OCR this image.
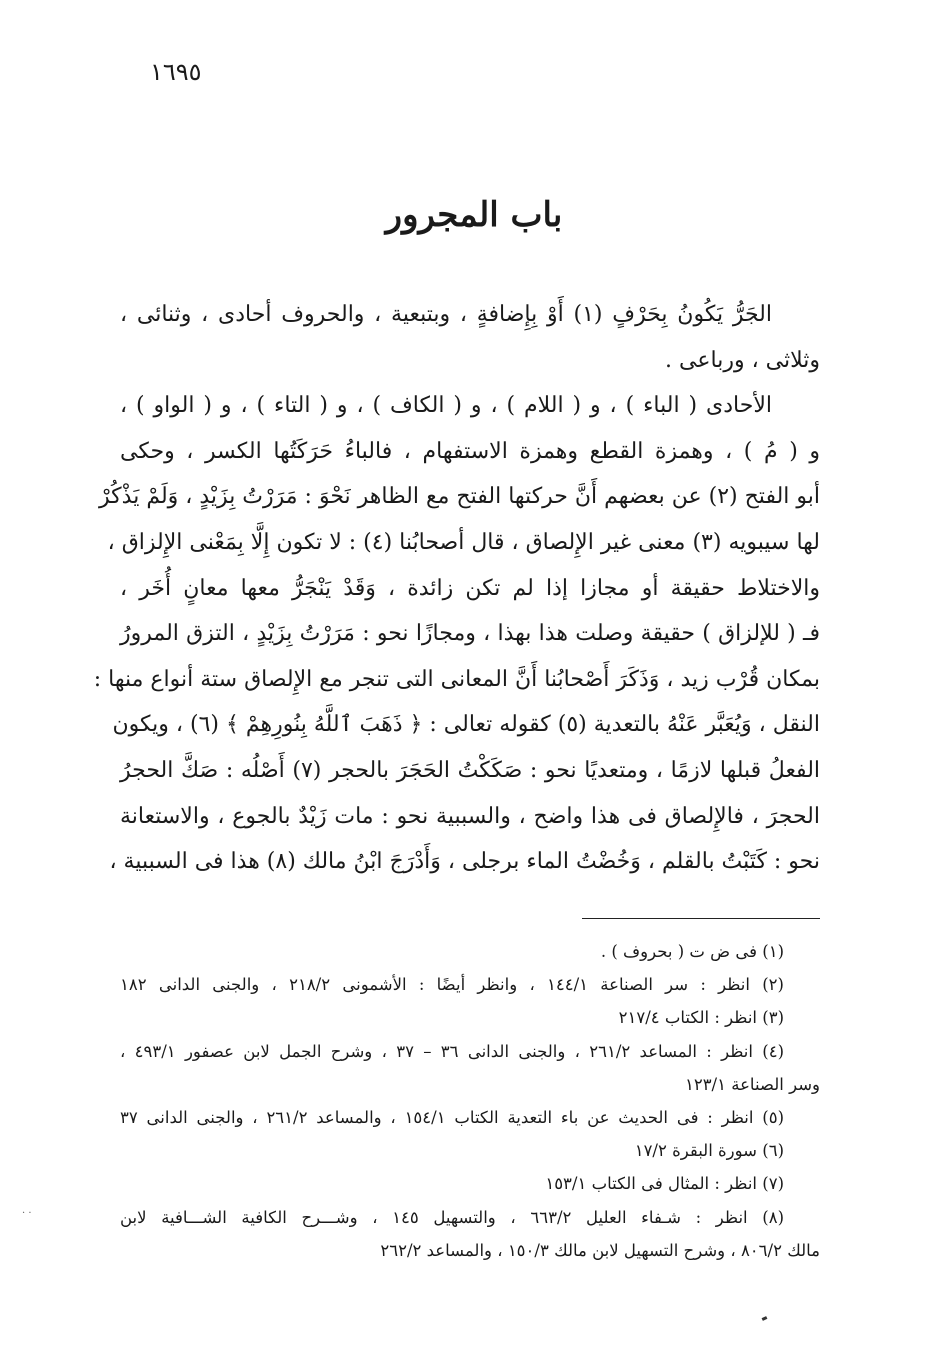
١٦٩٥
باب المجرور
الجَرُّ يَكُونُ بِحَرْفٍ (١) أَوْ بِإِضافةٍ ، وبتبعية ، والحروف أحادى ، وثنائى ،
وثلاثى ، ورباعى .
الأحادى ( الباء ) ، و ( اللام ) ، و ( الكاف ) ، و ( التاء ) ، و ( الواو ) ،
و ( مُ ) ، وهمزة القطع وهمزة الاستفهام ، فالباءُ حَرَكَتُها الكسر ، وحكى
أبو الفتح (٢) عن بعضهم أَنَّ حركتها الفتح مع الظاهر نَحْوَ : مَرَرْتُ بِزَيْدٍ ، وَلَمْ يَذْكُرْ
لها سيبويه (٣) معنى غير الإِلصاق ، قال أصحابُنا (٤) : لا تكون إِلَّا بِمَعْنى الإِلزاق ،
والاختلاط حقيقة أو مجازا إذا لم تكن زائدة ، وَقَدْ يَنْجَرُّ معها معانٍ أُخَر ،
فـ ( للإلزاق ) حقيقة وصلت هذا بهذا ، ومجازًا نحو : مَرَرْتُ بِزَيْدٍ ، التزق المرورُ
بمكان قُرْب زيد ، وَذَكَرَ أَصْحابُنا أَنَّ المعانى التى تنجر مع الإِلصاق ستة أنواع منها :
النقل ، وَيُعَبَّر عَنْهُ بالتعدية (٥) كقوله تعالى : ﴿ ذَهَبَ ٱللَّهُ بِنُورِهِمْ ﴾ (٦) ، ويكون
الفعلُ قبلها لازمًا ، ومتعديًا نحو : صَكَكْتُ الحَجَرَ بالحجر (٧) أَصْلُه : صَكَّ الحجرُ
الحجرَ ، فالإِلصاق فى هذا واضح ، والسببية نحو : مات زَيْدٌ بالجوع ، والاستعانة
نحو : كَتَبْتُ بالقلم ، وَخُضْتُ الماء برجلى ، وَأَدْرَجَ ابْنُ مالك (٨) هذا فى السببية ،
(١) فى ض ت ( بحروف ) .
(٢) انظر : سر الصناعة ١٤٤/١ ، وانظر أيضًا : الأشمونى ٢١٨/٢ ، والجنى الدانى ١٨٢
(٣) انظر : الكتاب ٢١٧/٤
(٤) انظر : المساعد ٢٦١/٢ ، والجنى الدانى ٣٦ – ٣٧ ، وشرح الجمل لابن عصفور ٤٩٣/١ ،
وسر الصناعة ١٢٣/١
(٥) انظر : فى الحديث عن باء التعدية الكتاب ١٥٤/١ ، والمساعد ٢٦١/٢ ، والجنى الدانى ٣٧
(٦) سورة البقرة ١٧/٢
(٧) انظر : المثال فى الكتاب ١٥٣/١
(٨) انظر : شـفاء العليل ٦٦٣/٢ ، والتسهيل ١٤٥ ، وشـــرح الكافية الشـــافية لابن
مالك ٨٠٦/٢ ، وشرح التسهيل لابن مالك ١٥٠/٣ ، والمساعد ٢٦٢/٢
· ·
